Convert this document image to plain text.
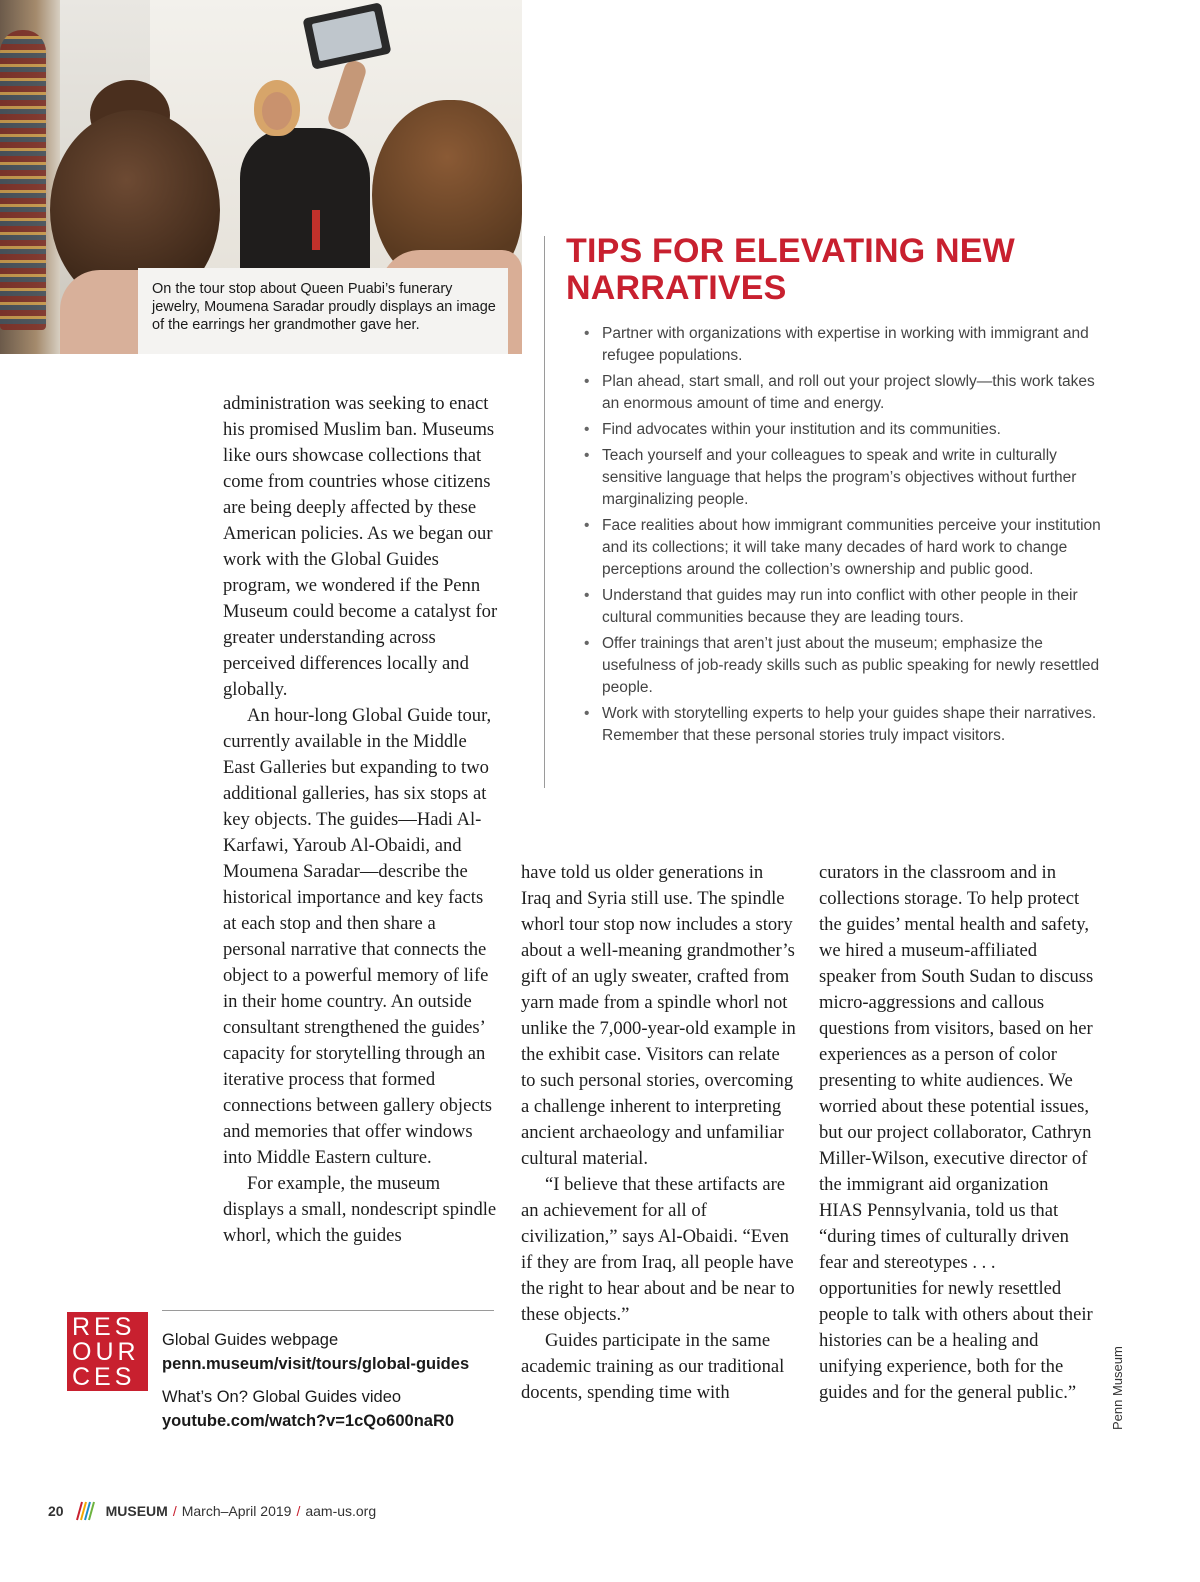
On the tour stop about Queen Puabi’s funerary jewelry, Moumena Saradar proudly displays an image of the earrings her grandmother gave her.
TIPS FOR ELEVATING NEW NARRATIVES
• Partner with organizations with expertise in working with immigrant and refugee populations.
• Plan ahead, start small, and roll out your project slowly—this work takes an enormous amount of time and energy.
• Find advocates within your institution and its communities.
• Teach yourself and your colleagues to speak and write in culturally sensitive language that helps the program’s objectives without further marginalizing people.
• Face realities about how immigrant communities perceive your institution and its collections; it will take many decades of hard work to change perceptions around the collection’s ownership and public good.
• Understand that guides may run into conflict with other people in their cultural communities because they are leading tours.
• Offer trainings that aren’t just about the museum; emphasize the usefulness of job-ready skills such as public speaking for newly resettled people.
• Work with storytelling experts to help your guides shape their narratives. Remember that these personal stories truly impact visitors.

administration was seeking to enact his promised Muslim ban. Museums like ours showcase collections that come from countries whose citizens are being deeply affected by these American policies. As we began our work with the Global Guides program, we wondered if the Penn Museum could become a catalyst for greater understanding across perceived differences locally and globally.

An hour-long Global Guide tour, currently available in the Middle East Galleries but expanding to two additional galleries, has six stops at key objects. The guides—Hadi Al-Karfawi, Yaroub Al-Obaidi, and Moumena Saradar—describe the historical importance and key facts at each stop and then share a personal narrative that connects the object to a powerful memory of life in their home country. An outside consultant strengthened the guides’ capacity for storytelling through an iterative process that formed connections between gallery objects and memories that offer windows into Middle Eastern culture.

For example, the museum displays a small, nondescript spindle whorl, which the guides

have told us older generations in Iraq and Syria still use. The spindle whorl tour stop now includes a story about a well-meaning grandmother’s gift of an ugly sweater, crafted from yarn made from a spindle whorl not unlike the 7,000-year-old example in the exhibit case. Visitors can relate to such personal stories, overcoming a challenge inherent to interpreting ancient archaeology and unfamiliar cultural material.

“I believe that these artifacts are an achievement for all of civilization,” says Al-Obaidi. “Even if they are from Iraq, all people have the right to hear about and be near to these objects.”

Guides participate in the same academic training as our traditional docents, spending time with

curators in the classroom and in collections storage. To help protect the guides’ mental health and safety, we hired a museum-affiliated speaker from South Sudan to discuss micro-aggressions and callous questions from visitors, based on her experiences as a person of color presenting to white audiences. We worried about these potential issues, but our project collaborator, Cathryn Miller-Wilson, executive director of the immigrant aid organization HIAS Pennsylvania, told us that “during times of culturally driven fear and stereotypes . . . opportunities for newly resettled people to talk with others about their histories can be a healing and unifying experience, both for the guides and for the general public.”

RES
OUR
CES
Global Guides webpage
penn.museum/visit/tours/global-guides
What’s On? Global Guides video
youtube.com/watch?v=1cQo600naR0	Penn Museum
20	MUSEUM / March–April 2019 / aam-us.org
